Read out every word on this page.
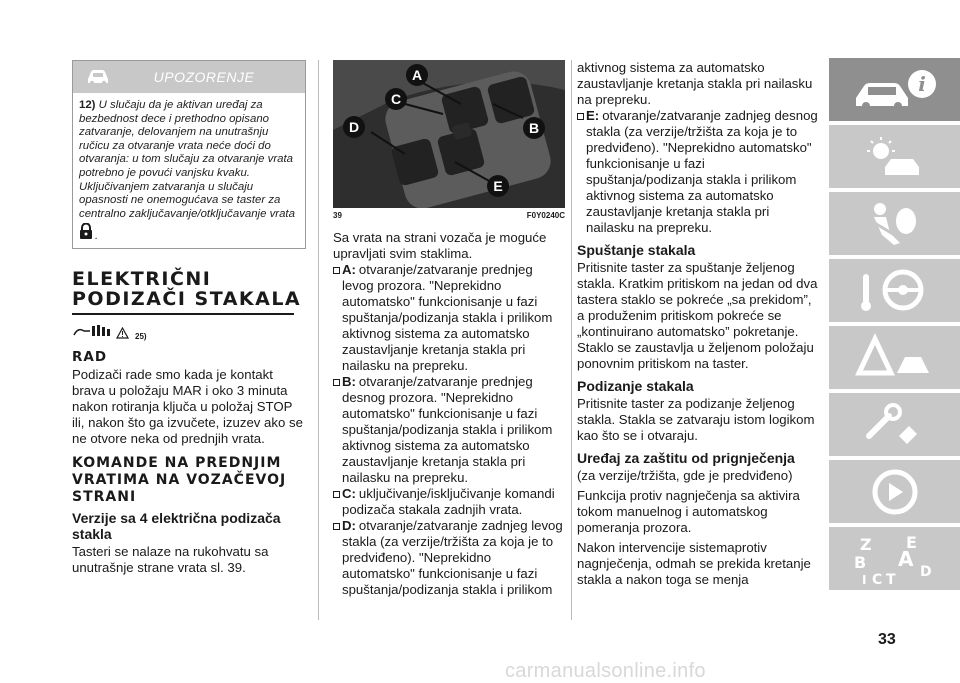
UPOZORENJE
12) U slučaju da je aktivan uređaj za bezbednost dece i prethodno opisano zatvaranje, delovanjem na unutrašnju ručicu za otvaranje vrata neće doći do otvaranja: u tom slučaju za otvaranje vrata potrebno je povući vanjsku kvaku. Uključivanjem zatvaranja u slučaju opasnosti ne onemogućava se taster za centralno zaključavanje/otključavanje vrata
.
ELEKTRIČNI
PODIZAČI STAKALA
25)
RAD

Podizači rade smo kada je kontakt brava u položaju MAR i oko 3 minuta nakon rotiranja ključa u položaj STOP ili, nakon što ga izvučete, izuzev ako se ne otvore neka od prednjih vrata.

KOMANDE NA PREDNJIM VRATIMA NA VOZAČEVOJ STRANI
Verzije sa 4 električna podizača stakla

Tasteri se nalaze na rukohvatu sa unutrašnje strane vrata sl. 39.

A
B
C
D
E
39	F0Y0240C

Sa vrata na strani vozača je moguće upravljati svim staklima.

A: otvaranje/zatvaranje prednjeg levog prozora. "Neprekidno automatsko" funkcionisanje u fazi spuštanja/podizanja stakla i prilikom aktivnog sistema za automatsko zaustavljanje kretanja stakla pri nailasku na prepreku.

B: otvaranje/zatvaranje prednjeg desnog prozora. "Neprekidno automatsko" funkcionisanje u fazi spuštanja/podizanja stakla i prilikom aktivnog sistema za automatsko zaustavljanje kretanja stakla pri nailasku na prepreku.

C: uključivanje/isključivanje komandi podizača stakala zadnjih vrata.

D: otvaranje/zatvaranje zadnjeg levog stakla (za verzije/tržišta za koja je to predviđeno). "Neprekidno automatsko" funkcionisanje u fazi spuštanja/podizanja stakla i prilikom

aktivnog sistema za automatsko zaustavljanje kretanja stakla pri nailasku na prepreku.

E: otvaranje/zatvaranje zadnjeg desnog stakla (za verzije/tržišta za koja je to predviđeno). "Neprekidno automatsko" funkcionisanje u fazi spuštanja/podizanja stakla i prilikom aktivnog sistema za automatsko zaustavljanje kretanja stakla pri nailasku na prepreku.

Spuštanje stakala

Pritisnite taster za spuštanje željenog stakla. Kratkim pritiskom na jedan od dva tastera staklo se pokreće „sa prekidom”, a produženim pritiskom pokreće se „kontinuirano automatsko” pokretanje. Staklo se zaustavlja u željenom položaju ponovnim pritiskom na taster.

Podizanje stakala

Pritisnite taster za podizanje željenog stakla. Stakla se zatvaraju istom logikom kao što se i otvaraju.

Uređaj za zaštitu od prignječenja

(za verzije/tržišta, gde je predviđeno)

Funkcija protiv nagnječenja sa aktivira tokom manuelnog i automatskog pomeranja prozora.

Nakon intervencije sistemaprotiv nagnječenja, odmah se prekida kretanje stakla a nakon toga se menja

i
Z E
B A
C	D
I T
33
carmanualsonline.info
